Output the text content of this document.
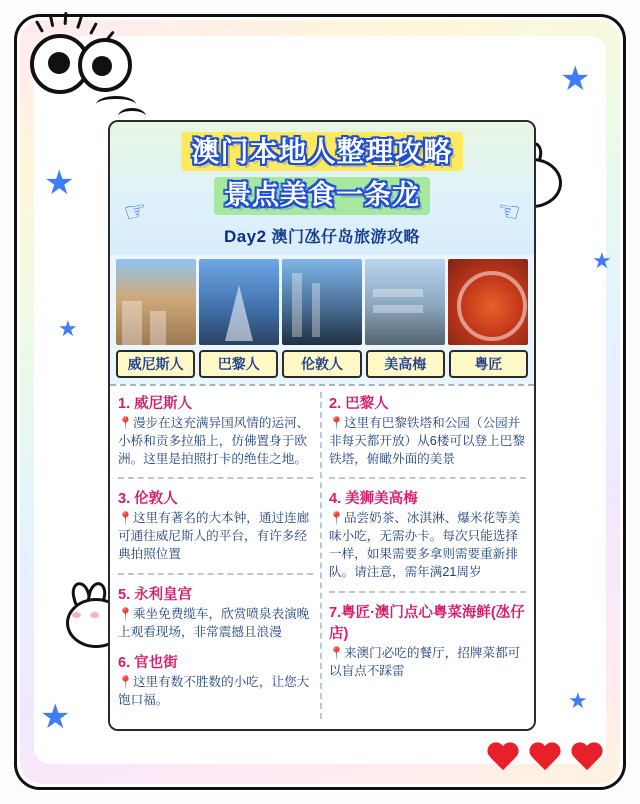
★
★
★
★
★	★
澳门本地人整理攻略
景点美食一条龙
Day2 澳门氹仔岛旅游攻略
☞	☜
威尼斯人	巴黎人	伦敦人	美高梅	粤匠
1. 威尼斯人

📍漫步在这充满异国风情的运河、小桥和贡多拉船上，仿佛置身于欧洲。这里是拍照打卡的绝佳之地。

3. 伦敦人

📍这里有著名的大本钟，通过连廊可通往威尼斯人的平台，有许多经典拍照位置

5. 永利皇宫

📍乘坐免费缆车，欣赏喷泉表演晚上观看现场，非常震撼且浪漫

6. 官也街

📍这里有数不胜数的小吃，让您大饱口福。

2. 巴黎人

📍这里有巴黎铁塔和公园（公园并非每天都开放）从6楼可以登上巴黎铁塔，俯瞰外面的美景

4. 美狮美高梅

📍品尝奶茶、冰淇淋、爆米花等美味小吃，无需办卡。每次只能选择一样，如果需要多拿则需要重新排队。请注意，需年满21周岁

7.粤匠·澳门点心粤菜海鲜(氹仔店)

📍来澳门必吃的餐厅，招牌菜都可以盲点不踩雷
